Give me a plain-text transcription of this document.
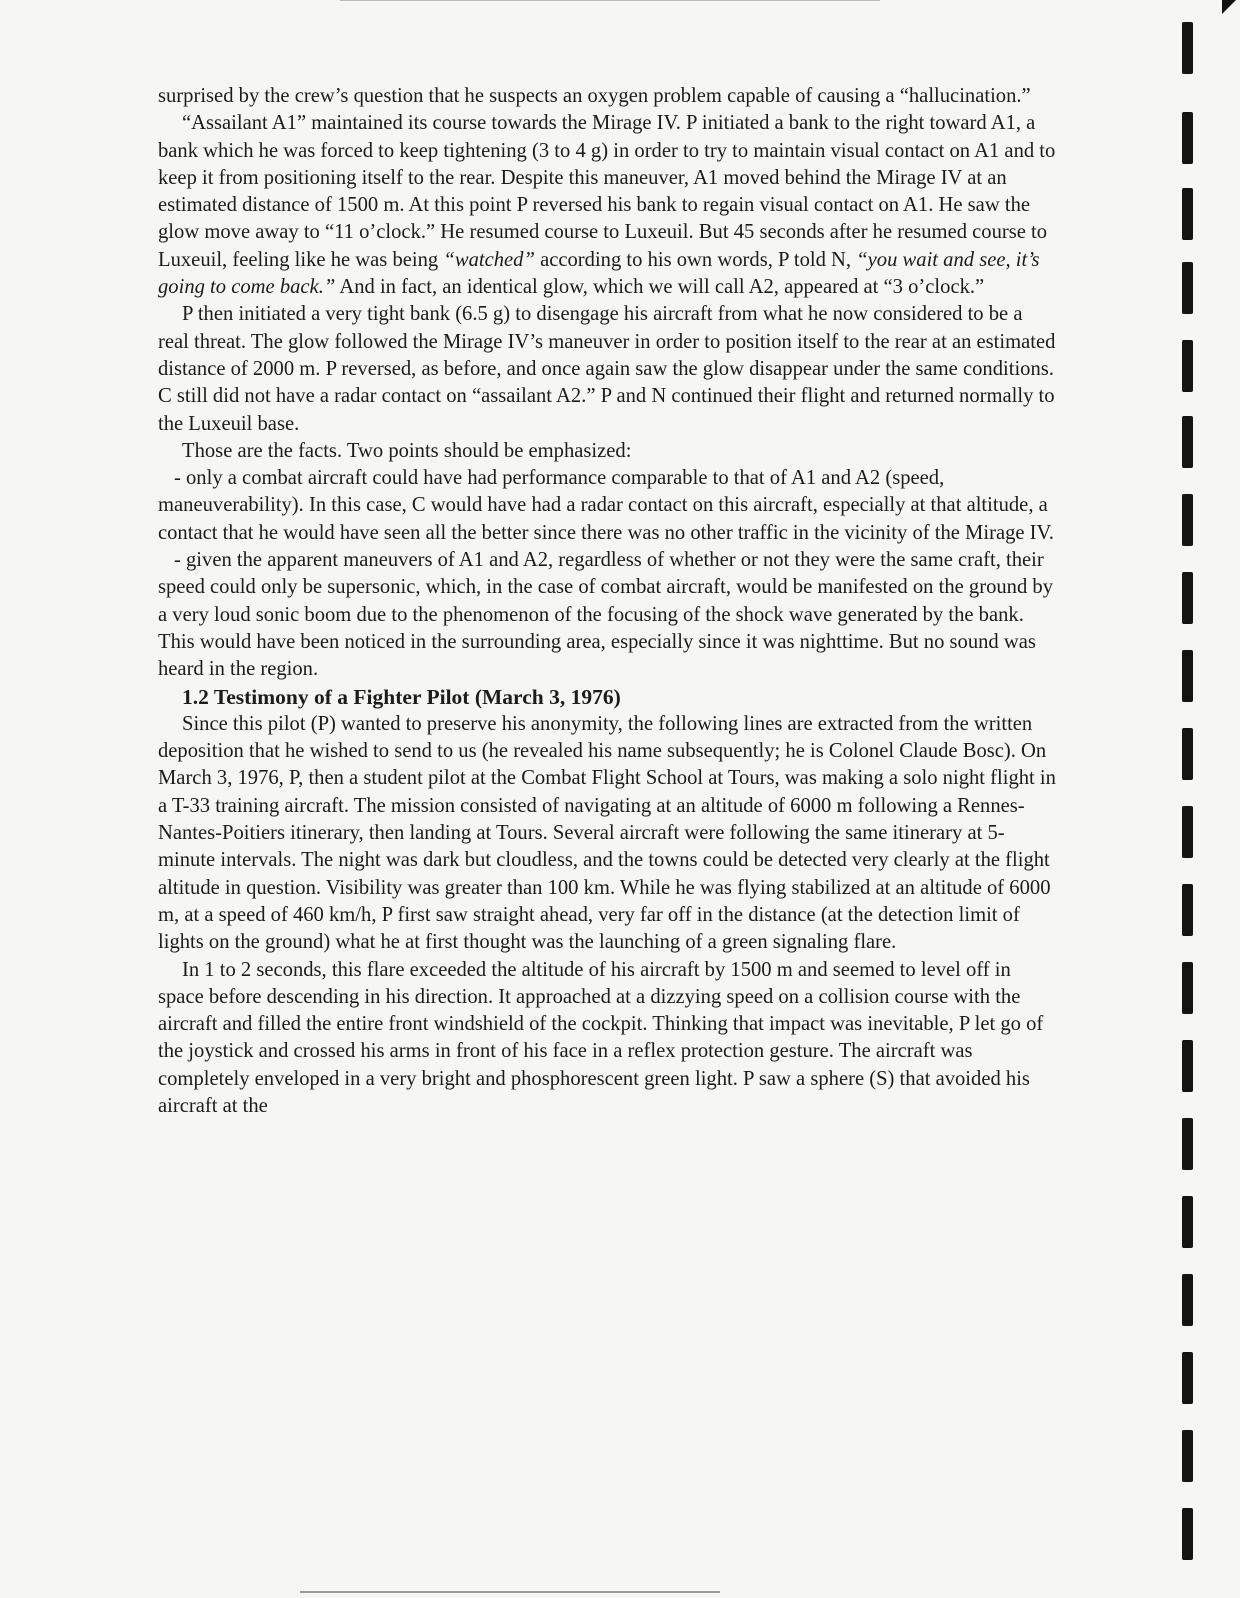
surprised by the crew’s question that he suspects an oxygen problem capable of causing a “hallucination.”

“Assailant A1” maintained its course towards the Mirage IV. P initiated a bank to the right toward A1, a bank which he was forced to keep tightening (3 to 4 g) in order to try to maintain visual contact on A1 and to keep it from positioning itself to the rear. Despite this maneuver, A1 moved behind the Mirage IV at an estimated distance of 1500 m. At this point P reversed his bank to regain visual contact on A1. He saw the glow move away to “11 o’clock.” He resumed course to Luxeuil. But 45 seconds after he resumed course to Luxeuil, feeling like he was being “watched” according to his own words, P told N, “you wait and see, it’s going to come back.” And in fact, an identical glow, which we will call A2, appeared at “3 o’clock.”

P then initiated a very tight bank (6.5 g) to disengage his aircraft from what he now considered to be a real threat. The glow followed the Mirage IV’s maneuver in order to position itself to the rear at an estimated distance of 2000 m. P reversed, as before, and once again saw the glow disappear under the same conditions. C still did not have a radar contact on “assailant A2.” P and N continued their flight and returned normally to the Luxeuil base.

Those are the facts. Two points should be emphasized:

- only a combat aircraft could have had performance comparable to that of A1 and A2 (speed, maneuverability). In this case, C would have had a radar contact on this aircraft, especially at that altitude, a contact that he would have seen all the better since there was no other traffic in the vicinity of the Mirage IV.

- given the apparent maneuvers of A1 and A2, regardless of whether or not they were the same craft, their speed could only be supersonic, which, in the case of combat aircraft, would be manifested on the ground by a very loud sonic boom due to the phenomenon of the focusing of the shock wave generated by the bank. This would have been noticed in the surrounding area, especially since it was nighttime. But no sound was heard in the region.

1.2 Testimony of a Fighter Pilot (March 3, 1976)

Since this pilot (P) wanted to preserve his anonymity, the following lines are extracted from the written deposition that he wished to send to us (he revealed his name subsequently; he is Colonel Claude Bosc). On March 3, 1976, P, then a student pilot at the Combat Flight School at Tours, was making a solo night flight in a T-33 training aircraft. The mission consisted of navigating at an altitude of 6000 m following a Rennes-Nantes-Poitiers itinerary, then landing at Tours. Several aircraft were following the same itinerary at 5-minute intervals. The night was dark but cloudless, and the towns could be detected very clearly at the flight altitude in question. Visibility was greater than 100 km. While he was flying stabilized at an altitude of 6000 m, at a speed of 460 km/h, P first saw straight ahead, very far off in the distance (at the detection limit of lights on the ground) what he at first thought was the launching of a green signaling flare.

In 1 to 2 seconds, this flare exceeded the altitude of his aircraft by 1500 m and seemed to level off in space before descending in his direction. It approached at a dizzying speed on a collision course with the aircraft and filled the entire front windshield of the cockpit. Thinking that impact was inevitable, P let go of the joystick and crossed his arms in front of his face in a reflex protection gesture. The aircraft was completely enveloped in a very bright and phosphorescent green light. P saw a sphere (S) that avoided his aircraft at the
